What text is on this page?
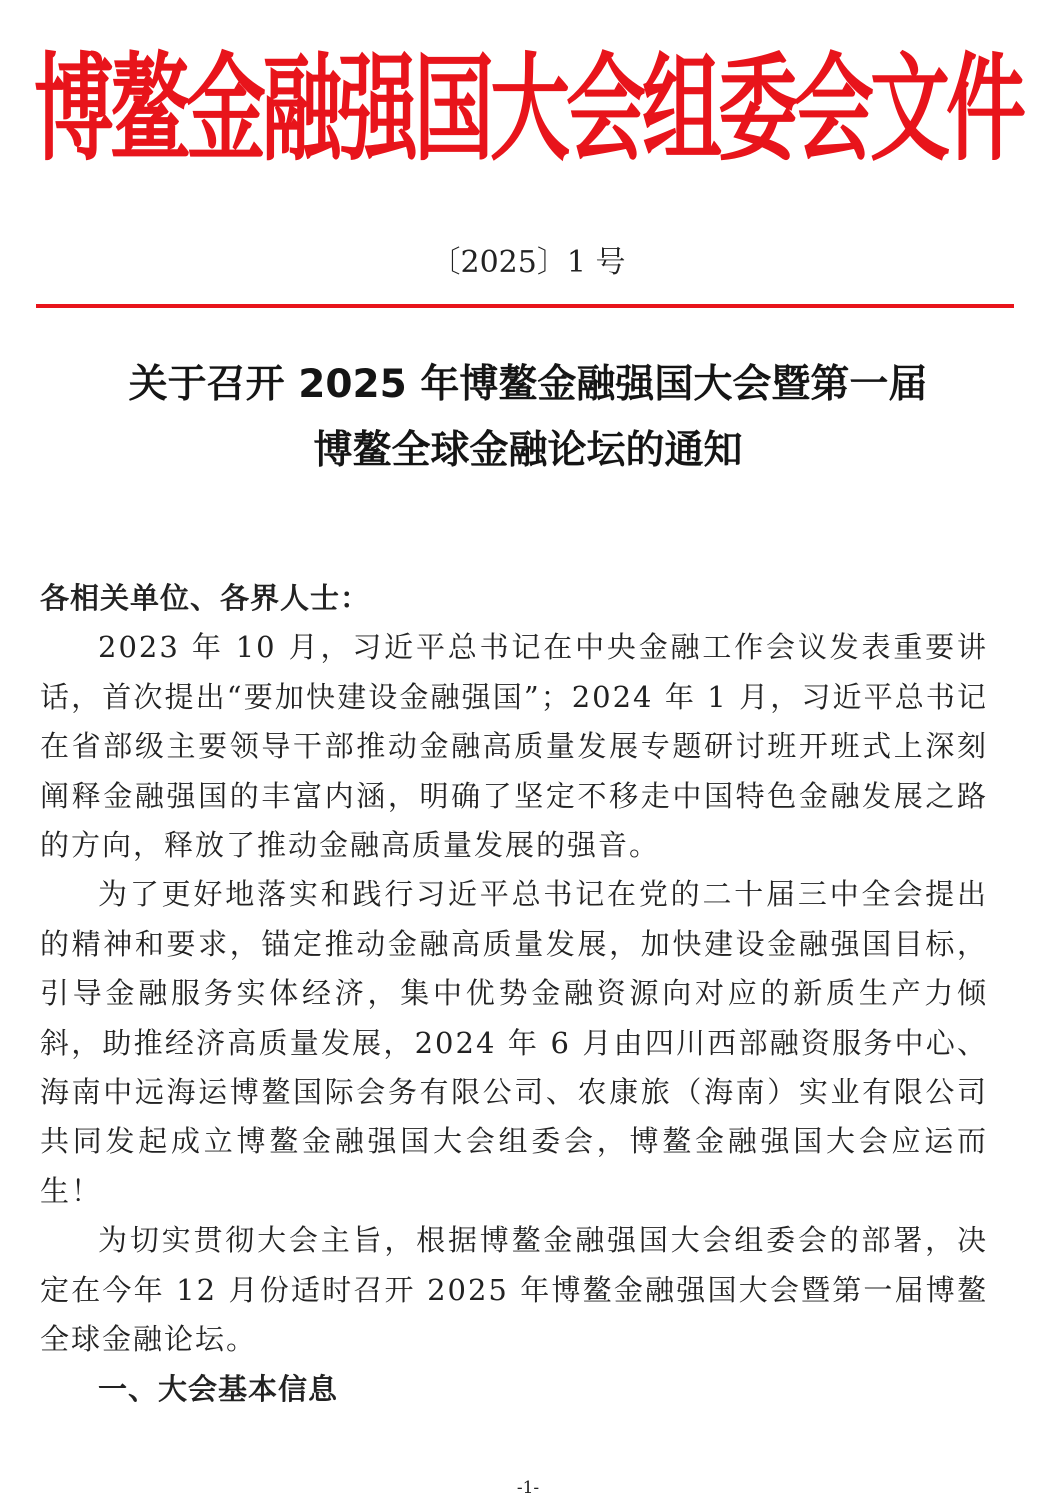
博鳌金融强国大会组委会文件
〔2025〕1 号
关于召开 2025 年博鳌金融强国大会暨第一届
博鳌全球金融论坛的通知
各相关单位、各界人士：

2023 年 10 月，习近平总书记在中央金融工作会议发表重要讲话，首次提出“要加快建设金融强国”；2024 年 1 月，习近平总书记在省部级主要领导干部推动金融高质量发展专题研讨班开班式上深刻阐释金融强国的丰富内涵，明确了坚定不移走中国特色金融发展之路的方向，释放了推动金融高质量发展的强音。

为了更好地落实和践行习近平总书记在党的二十届三中全会提出的精神和要求，锚定推动金融高质量发展，加快建设金融强国目标，引导金融服务实体经济，集中优势金融资源向对应的新质生产力倾斜，助推经济高质量发展，2024 年 6 月由四川西部融资服务中心、海南中远海运博鳌国际会务有限公司、农康旅（海南）实业有限公司共同发起成立博鳌金融强国大会组委会，博鳌金融强国大会应运而生！

为切实贯彻大会主旨，根据博鳌金融强国大会组委会的部署，决定在今年 12 月份适时召开 2025 年博鳌金融强国大会暨第一届博鳌全球金融论坛。

一、大会基本信息
-1-
